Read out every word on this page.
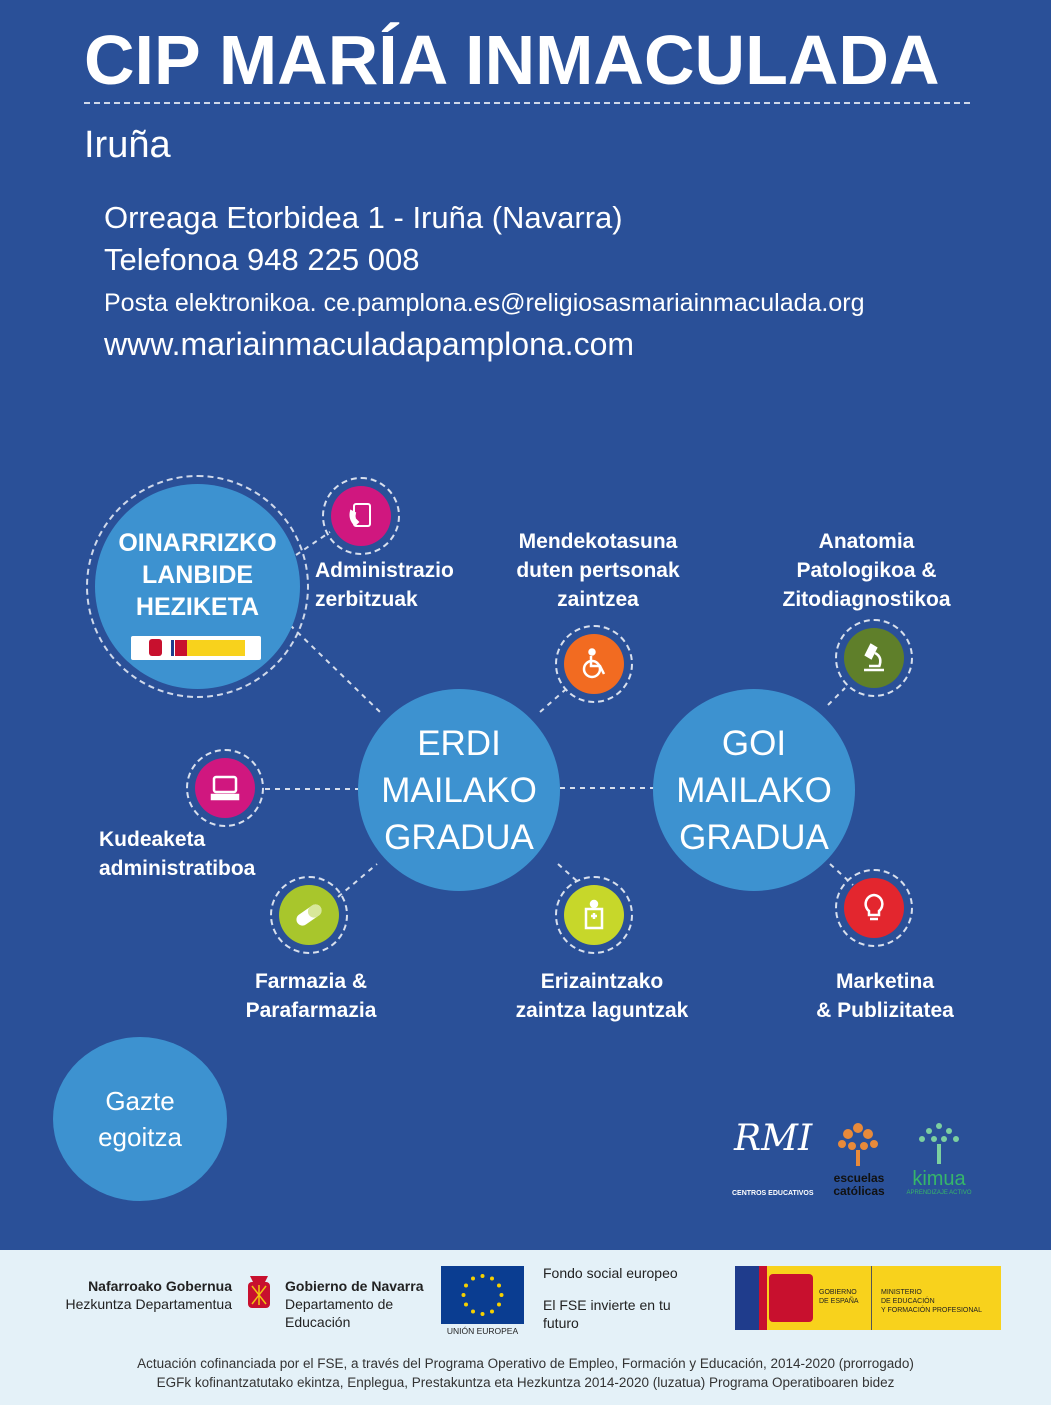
CIP MARÍA INMACULADA
Iruña
Orreaga Etorbidea 1 - Iruña (Navarra)
Telefonoa 948 225 008
Posta elektronikoa. ce.pamplona.es@religiosasmariainmaculada.org
www.mariainmaculadapamplona.com
OINARRIZKO
LANBIDE
HEZIKETA
ERDI
MAILAKO
GRADUA
GOI
MAILAKO
GRADUA
Gazte
egoitza
Administrazio
zerbitzuak
Mendekotasuna
duten pertsonak
zaintzea
Anatomia
Patologikoa &
Zitodiagnostikoa
Kudeaketa
administratiboa
Farmazia &
Parafarmazia
Erizaintzako
zaintza laguntzak
Marketina
& Publizitatea
RMI
CENTROS EDUCATIVOS
escuelas
católicas
kimua
APRENDIZAJE ACTIVO
Nafarroako Gobernua
Hezkuntza Departamentua
Gobierno de Navarra
Departamento de
Educación
UNIÓN EUROPEA
Fondo social europeo
El FSE invierte en tu
futuro
GOBIERNO
DE ESPAÑA
MINISTERIO
DE EDUCACIÓN
Y FORMACIÓN PROFESIONAL
Actuación cofinanciada por el FSE, a través del Programa Operativo de Empleo, Formación y Educación, 2014-2020 (prorrogado)
EGFk kofinantzatutako ekintza, Enplegua, Prestakuntza eta Hezkuntza 2014-2020 (luzatua) Programa Operatiboaren bidez
